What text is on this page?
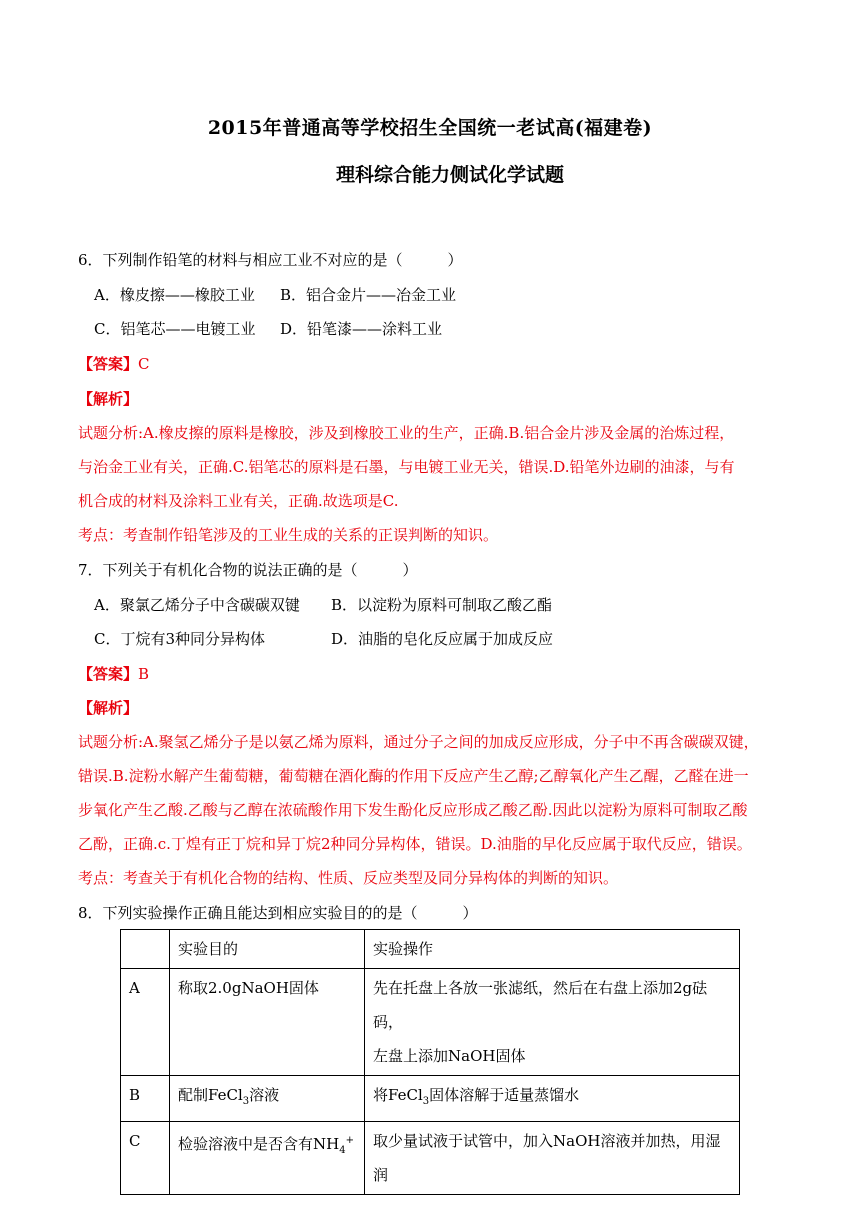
2015年普通高等学校招生全国统一老试高(福建卷)
理科综合能力侧试化学试题
6．下列制作铅笔的材料与相应工业不对应的是（　　　）
A．橡皮擦——橡胶工业 B．铝合金片——冶金工业
C．铝笔芯——电镀工业 D．铅笔漆——涂料工业
【答案】C
【解析】
试题分析:A.橡皮擦的原料是橡胶，涉及到橡胶工业的生产，正确.B.铝合金片涉及金属的治炼过程，
与治金工业有关，正确.C.铝笔芯的原料是石墨，与电镀工业无关，错误.D.铅笔外边刷的油漆，与有
机合成的材料及涂料工业有关，正确.故选项是C.
考点：考查制作铅笔涉及的工业生成的关系的正误判断的知识。
7．下列关于有机化合物的说法正确的是（　　　）
A．聚氯乙烯分子中含碳碳双键 B．以淀粉为原料可制取乙酸乙酯
C．丁烷有3种同分异构体	D．油脂的皂化反应属于加成反应
【答案】B
【解析】
试题分析:A.聚氢乙烯分子是以氨乙烯为原料，通过分子之间的加成反应形成，分子中不再含碳碳双键，
错误.B.淀粉水解产生葡萄糖，葡萄糖在酒化酶的作用下反应产生乙醇;乙醇氧化产生乙醒，乙醛在进一
步氧化产生乙酸.乙酸与乙醇在浓硫酸作用下发生酚化反应形成乙酸乙酚.因此以淀粉为原料可制取乙酸
乙酚，正确.c.丁煌有正丁烷和异丁烷2种同分异构体，错误。D.油脂的早化反应属于取代反应，错误。
考点：考查关于有机化合物的结构、性质、反应类型及同分异构体的判断的知识。
8．下列实验操作正确且能达到相应实验目的的是（　　　）
	实验目的	实验操作
A	称取2.0gNaOH固体	先在托盘上各放一张滤纸，然后在右盘上添加2g砝码，
左盘上添加NaOH固体

B	配制FeCl$_3$溶液	将FeCl$_3$固体溶解于适量蒸馏水
C	检验溶液中是否含有$NH_4^+$	取少量试液于试管中，加入NaOH溶液并加热，用湿润
